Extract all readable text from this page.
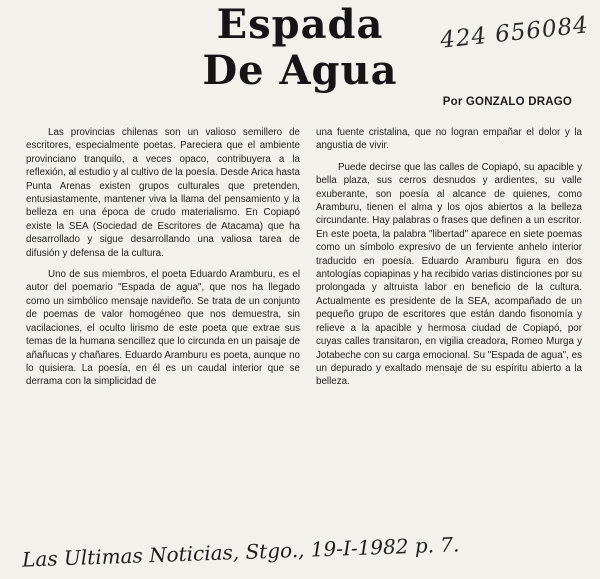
Espada
De Agua
424 656084
Por GONZALO DRAGO

Las provincias chilenas son un valioso semillero de escritores, especialmente poetas. Pareciera que el ambiente provinciano tranquilo, a veces opaco, contribuyera a la reflexión, al estudio y al cultivo de la poesía. Desde Arica hasta Punta Arenas existen grupos culturales que pretenden, entusiastamente, mantener viva la llama del pensamiento y la belleza en una época de crudo materialismo. En Copiapó existe la SEA (Sociedad de Escritores de Atacama) que ha desarrollado y sigue desarrollando una valiosa tarea de difusión y defensa de la cultura.

Uno de sus miembros, el poeta Eduardo Aramburu, es el autor del poemario "Espada de agua", que nos ha llegado como un simbólico mensaje navideño. Se trata de un conjunto de poemas de valor homogéneo que nos demuestra, sin vacilaciones, el oculto lirismo de este poeta que extrae sus temas de la humana sencillez que lo circunda en un paisaje de añañucas y chañares. Eduardo Aramburu es poeta, aunque no lo quisiera. La poesía, en él es un caudal interior que se derrama con la simplicidad de

una fuente cristalina, que no logran empañar el dolor y la angustia de vivir.

Puede decirse que las calles de Copiapó, su apacible y bella plaza, sus cerros desnudos y ardientes, su valle exuberante, son poesía al alcance de quienes, como Aramburu, tienen el alma y los ojos abiertos a la belleza circundante. Hay palabras o frases que definen a un escritor. En este poeta, la palabra "libertad" aparece en siete poemas como un símbolo expresivo de un ferviente anhelo interior traducido en poesía. Eduardo Aramburu figura en dos antologías copiapinas y ha recibido varias distinciones por su prolongada y altruista labor en beneficio de la cultura. Actualmente es presidente de la SEA, acompañado de un pequeño grupo de escritores que están dando fisonomía y relieve a la apacible y hermosa ciudad de Copiapó, por cuyas calles transitaron, en vigilia creadora, Romeo Murga y Jotabeche con su carga emocional. Su "Espada de agua", es un depurado y exaltado mensaje de su espíritu abierto a la belleza.

Las Ultimas Noticias, Stgo., 19-I-1982 p. 7.
